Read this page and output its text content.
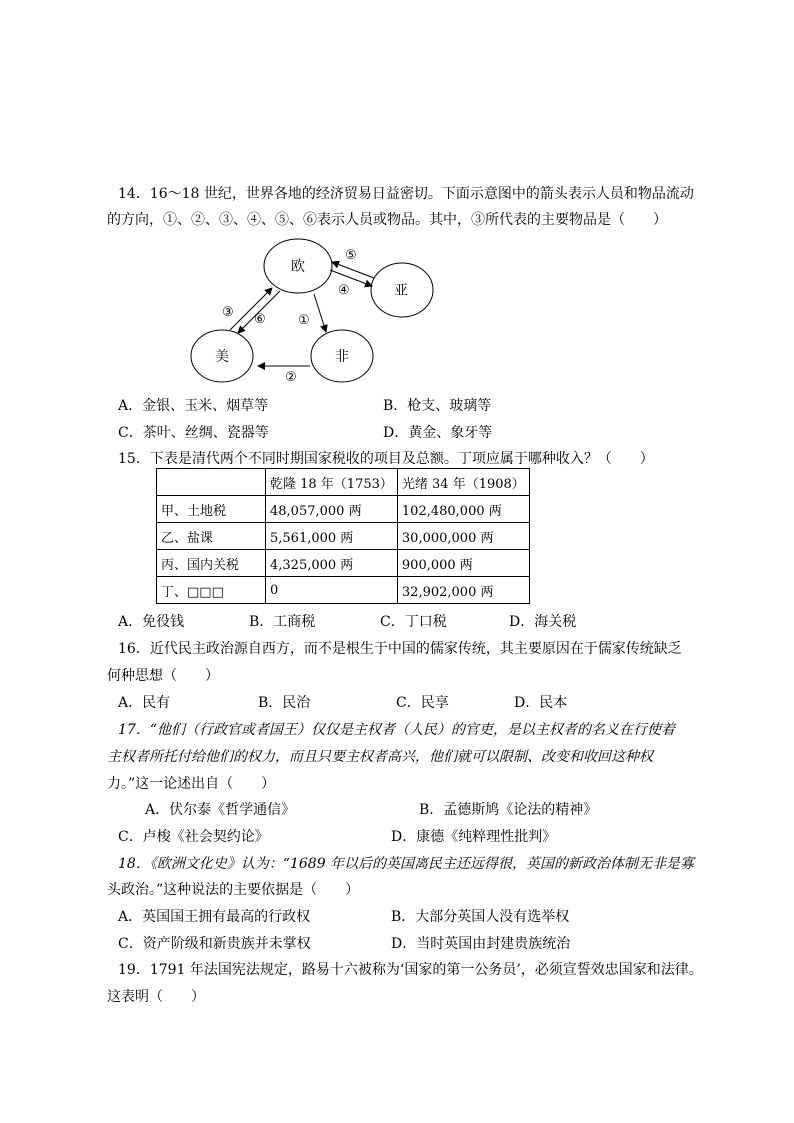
14．16～18 世纪，世界各地的经济贸易日益密切。下面示意图中的箭头表示人员和物品流动
的方向，①、②、③、④、⑤、⑥表示人员或物品。其中，③所代表的主要物品是（　　）
欧
亚
美	非
⑤
④
①
②
③ ⑥
A．金银、玉米、烟草等	B．枪支、玻璃等
C．茶叶、丝绸、瓷器等	D．黄金、象牙等
15．下表是清代两个不同时期国家税收的项目及总额。丁项应属于哪种收入？（　　）
	乾隆 18 年（1753）	光绪 34 年（1908）
甲、土地税	48,057,000 两	102,480,000 两
乙、盐课	5,561,000 两	30,000,000 两
丙、国内关税	4,325,000 两	900,000 两
丁、□□□	0	32,902,000 两
A．免役钱	B．工商税	C．丁口税	D．海关税
16．近代民主政治源自西方，而不是根生于中国的儒家传统，其主要原因在于儒家传统缺乏
何种思想（　　）
A．民有	B．民治	C．民享	D．民本
17．“他们（行政官或者国王）仅仅是主权者（人民）的官吏，是以主权者的名义在行使着
主权者所托付给他们的权力，而且只要主权者高兴，他们就可以限制、改变和收回这种权
力。”这一论述出自（　　）
A．伏尔泰《哲学通信》	B．孟德斯鸠《论法的精神》
C．卢梭《社会契约论》	D．康德《纯粹理性批判》
18．《欧洲文化史》认为：“1689 年以后的英国离民主还远得很，英国的新政治体制无非是寡
头政治。”这种说法的主要依据是（　　）
A．英国国王拥有最高的行政权	B．大部分英国人没有选举权
C．资产阶级和新贵族并未掌权	D．当时英国由封建贵族统治
19．1791 年法国宪法规定，路易十六被称为‘国家的第一公务员’，必须宣誓效忠国家和法律。
这表明（　　）
